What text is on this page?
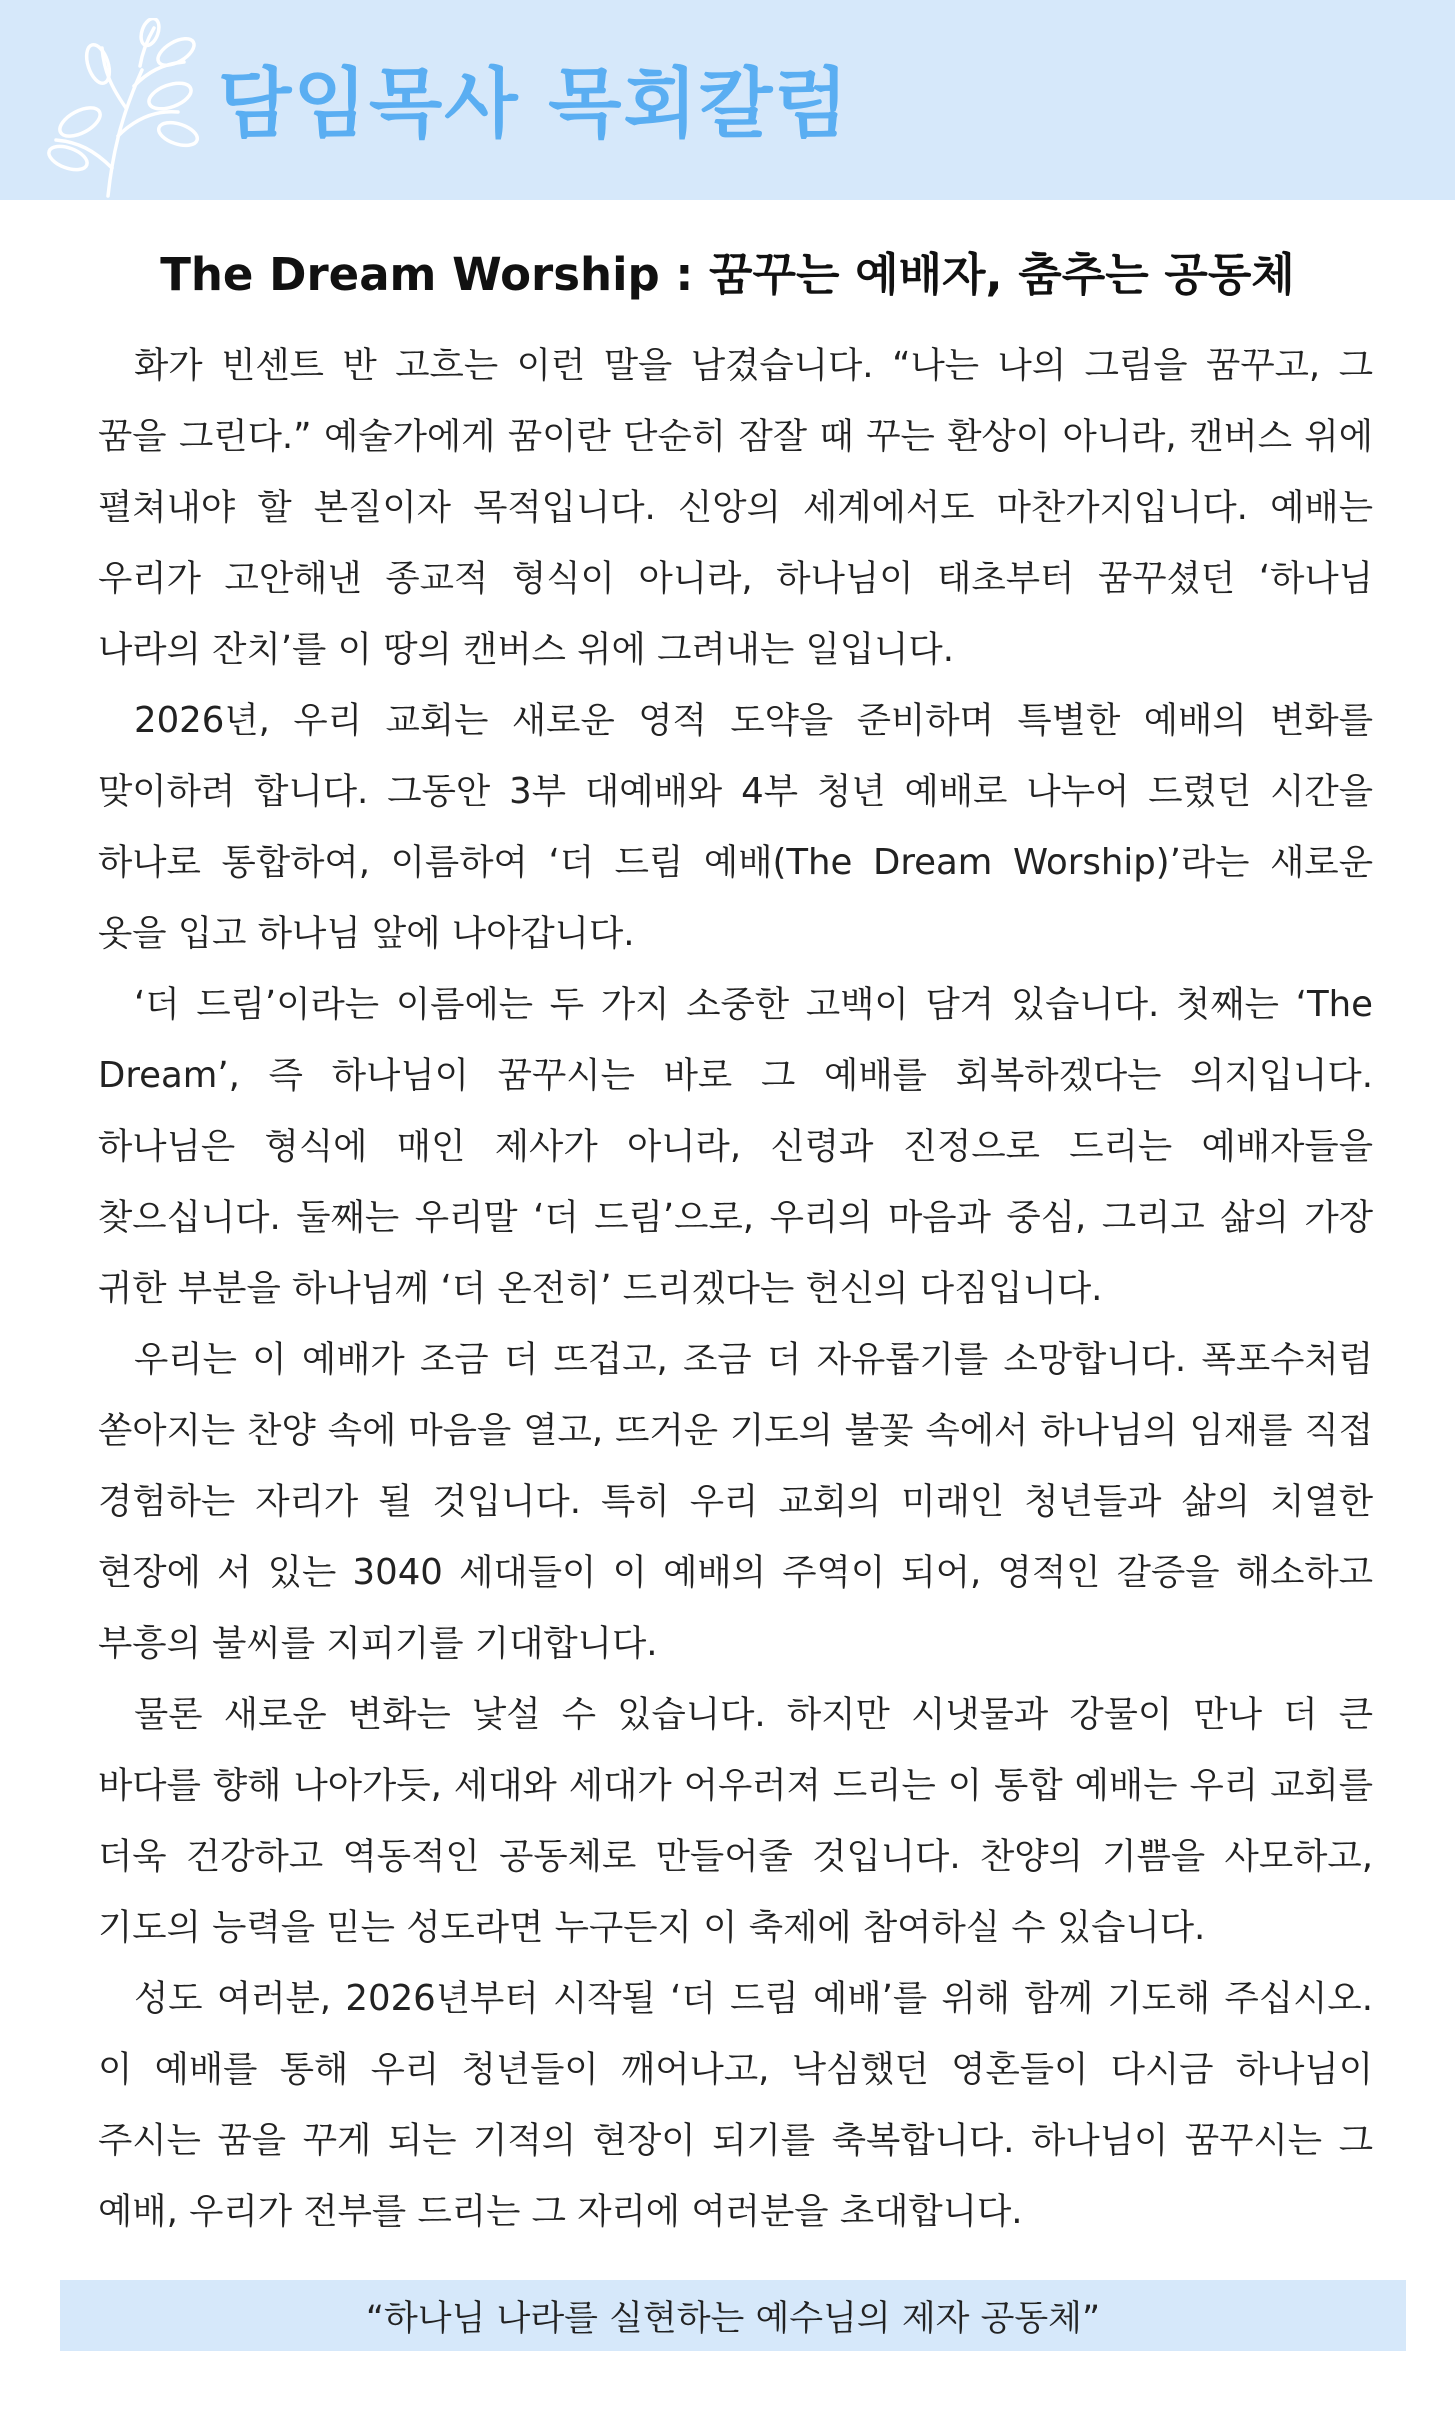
담임목사 목회칼럼
The Dream Worship : 꿈꾸는 예배자, 춤추는 공동체

화가 빈센트 반 고흐는 이런 말을 남겼습니다. “나는 나의 그림을 꿈꾸고, 그 꿈을 그린다.” 예술가에게 꿈이란 단순히 잠잘 때 꾸는 환상이 아니라, 캔버스 위에 펼쳐내야 할 본질이자 목적입니다. 신앙의 세계에서도 마찬가지입니다. 예배는 우리가 고안해낸 종교적 형식이 아니라, 하나님이 태초부터 꿈꾸셨던 ‘하나님 나라의 잔치’를 이 땅의 캔버스 위에 그려내는 일입니다.

2026년, 우리 교회는 새로운 영적 도약을 준비하며 특별한 예배의 변화를 맞이하려 합니다. 그동안 3부 대예배와 4부 청년 예배로 나누어 드렸던 시간을 하나로 통합하여, 이름하여 ‘더 드림 예배(The Dream Worship)’라는 새로운 옷을 입고 하나님 앞에 나아갑니다.

‘더 드림’이라는 이름에는 두 가지 소중한 고백이 담겨 있습니다. 첫째는 ‘The Dream’, 즉 하나님이 꿈꾸시는 바로 그 예배를 회복하겠다는 의지입니다. 하나님은 형식에 매인 제사가 아니라, 신령과 진정으로 드리는 예배자들을 찾으십니다. 둘째는 우리말 ‘더 드림’으로, 우리의 마음과 중심, 그리고 삶의 가장 귀한 부분을 하나님께 ‘더 온전히’ 드리겠다는 헌신의 다짐입니다.

우리는 이 예배가 조금 더 뜨겁고, 조금 더 자유롭기를 소망합니다. 폭포수처럼 쏟아지는 찬양 속에 마음을 열고, 뜨거운 기도의 불꽃 속에서 하나님의 임재를 직접 경험하는 자리가 될 것입니다. 특히 우리 교회의 미래인 청년들과 삶의 치열한 현장에 서 있는 3040 세대들이 이 예배의 주역이 되어, 영적인 갈증을 해소하고 부흥의 불씨를 지피기를 기대합니다.

물론 새로운 변화는 낯설 수 있습니다. 하지만 시냇물과 강물이 만나 더 큰 바다를 향해 나아가듯, 세대와 세대가 어우러져 드리는 이 통합 예배는 우리 교회를 더욱 건강하고 역동적인 공동체로 만들어줄 것입니다. 찬양의 기쁨을 사모하고, 기도의 능력을 믿는 성도라면 누구든지 이 축제에 참여하실 수 있습니다.

성도 여러분, 2026년부터 시작될 ‘더 드림 예배’를 위해 함께 기도해 주십시오. 이 예배를 통해 우리 청년들이 깨어나고, 낙심했던 영혼들이 다시금 하나님이 주시는 꿈을 꾸게 되는 기적의 현장이 되기를 축복합니다. 하나님이 꿈꾸시는 그 예배, 우리가 전부를 드리는 그 자리에 여러분을 초대합니다.

“하나님 나라를 실현하는 예수님의 제자 공동체”
